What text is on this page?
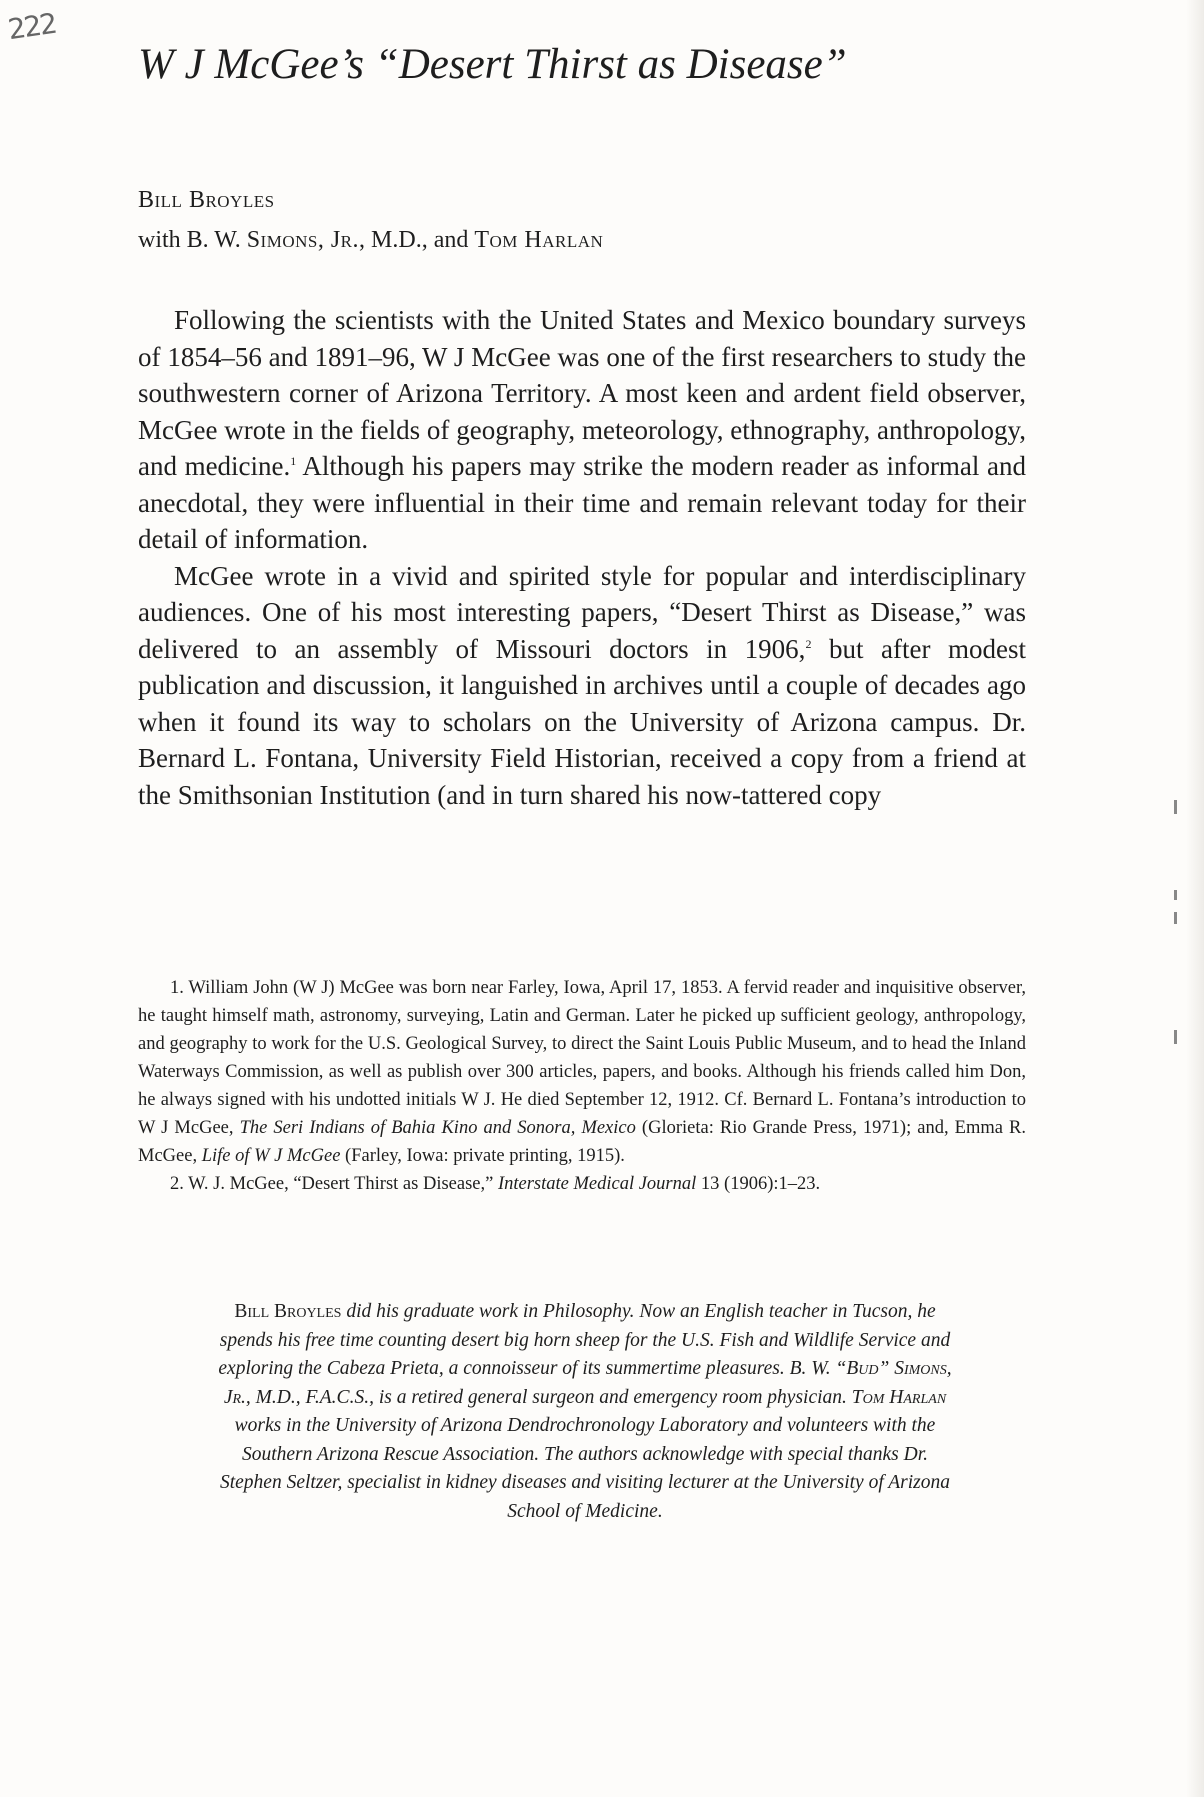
222
W J McGee’s “Desert Thirst as Disease”
Bill Broyles
with B. W. Simons, Jr., M.D., and Tom Harlan

Following the scientists with the United States and Mexico boundary surveys of 1854–56 and 1891–96, W J McGee was one of the first researchers to study the southwestern corner of Arizona Territory. A most keen and ardent field observer, McGee wrote in the fields of geography, meteorology, ethnography, anthropology, and medicine.$^1$ Although his papers may strike the modern reader as informal and anecdotal, they were influential in their time and remain relevant today for their detail of information.

McGee wrote in a vivid and spirited style for popular and interdisciplinary audiences. One of his most interesting papers, “Desert Thirst as Disease,” was delivered to an assembly of Missouri doctors in 1906,$^2$ but after modest publication and discussion, it languished in archives until a couple of decades ago when it found its way to scholars on the University of Arizona campus. Dr. Bernard L. Fontana, University Field Historian, received a copy from a friend at the Smithsonian Institution (and in turn shared his now-tattered copy

1. William John (W J) McGee was born near Farley, Iowa, April 17, 1853. A fervid reader and inquisitive observer, he taught himself math, astronomy, surveying, Latin and German. Later he picked up sufficient geology, anthropology, and geography to work for the U.S. Geological Survey, to direct the Saint Louis Public Museum, and to head the Inland Waterways Commission, as well as publish over 300 articles, papers, and books. Although his friends called him Don, he always signed with his undotted initials W J. He died September 12, 1912. Cf. Bernard L. Fontana’s introduction to W J McGee, The Seri Indians of Bahia Kino and Sonora, Mexico (Glorieta: Rio Grande Press, 1971); and, Emma R. McGee, Life of W J McGee (Farley, Iowa: private printing, 1915).

2. W. J. McGee, “Desert Thirst as Disease,” Interstate Medical Journal 13 (1906):1–23.

Bill Broyles did his graduate work in Philosophy. Now an English teacher in Tucson, he spends his free time counting desert big horn sheep for the U.S. Fish and Wildlife Service and exploring the Cabeza Prieta, a connoisseur of its summertime pleasures. B. W. “Bud” Simons, Jr., M.D., F.A.C.S., is a retired general surgeon and emergency room physician. Tom Harlan works in the University of Arizona Dendrochronology Laboratory and volunteers with the Southern Arizona Rescue Association. The authors acknowledge with special thanks Dr. Stephen Seltzer, specialist in kidney diseases and visiting lecturer at the University of Arizona School of Medicine.
